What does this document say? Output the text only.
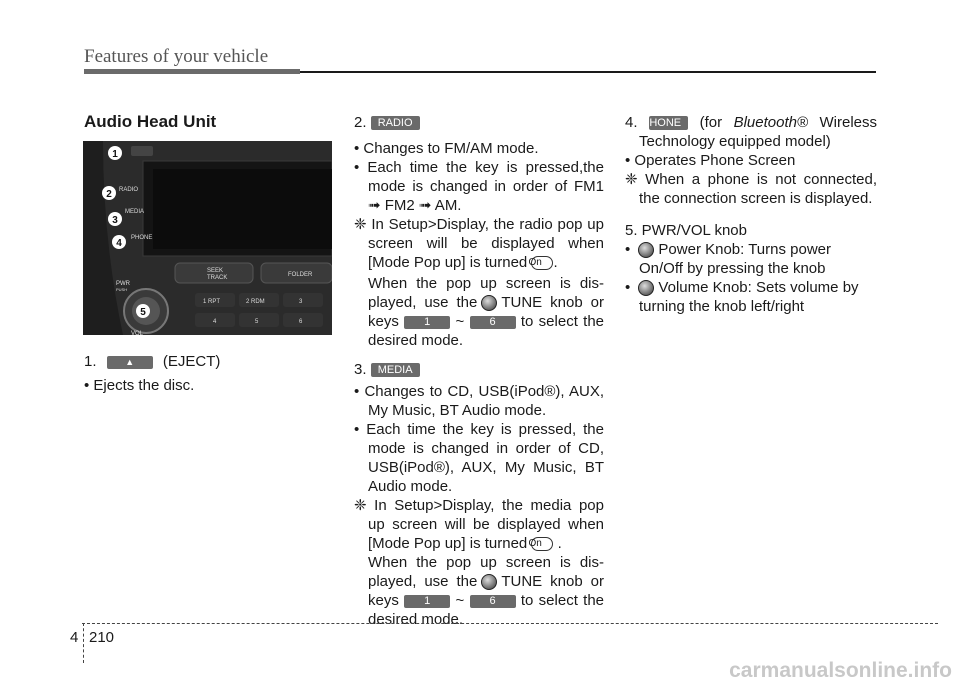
Features of your vehicle
Audio Head Unit
RADIO
MEDIA
PHONE
SEEK
TRACK	FOLDER
PWR
PUSH
VOL
1 RPT	2 RDM	3
4	5	6
1
2
3
4
5
1.	▲ (EJECT)
• Ejects the disc.
2. RADIO
• Changes to FM/AM mode.
• Each time the key is pressed,the mode is changed in order of FM1 ➟ FM2 ➟ AM.
❈ In Setup>Display, the radio pop up screen will be displayed when [Mode Pop up] is turned On .
When the pop up screen is dis-played, use the TUNE knob or keys 1 ~ 6 to select the desired mode.
3. MEDIA
• Changes to CD, USB(iPod®), AUX, My Music, BT Audio mode.
• Each time the key is pressed, the mode is changed in order of CD, USB(iPod®), AUX, My Music, BT Audio mode.
❈ In Setup>Display, the media pop up screen will be displayed when [Mode Pop up] is turned On .
When the pop up screen is dis-played, use the TUNE knob or keys 1 ~ 6 to select the desired mode.
4. PHONE (for Bluetooth® Wireless Technology equipped model)
• Operates Phone Screen
❈ When a phone is not connected, the connection screen is displayed.
5. PWR/VOL knob
• Power Knob: Turns power On/Off by pressing the knob
• Volume Knob: Sets volume by turning the knob left/right
4 210
carmanualsonline.info
